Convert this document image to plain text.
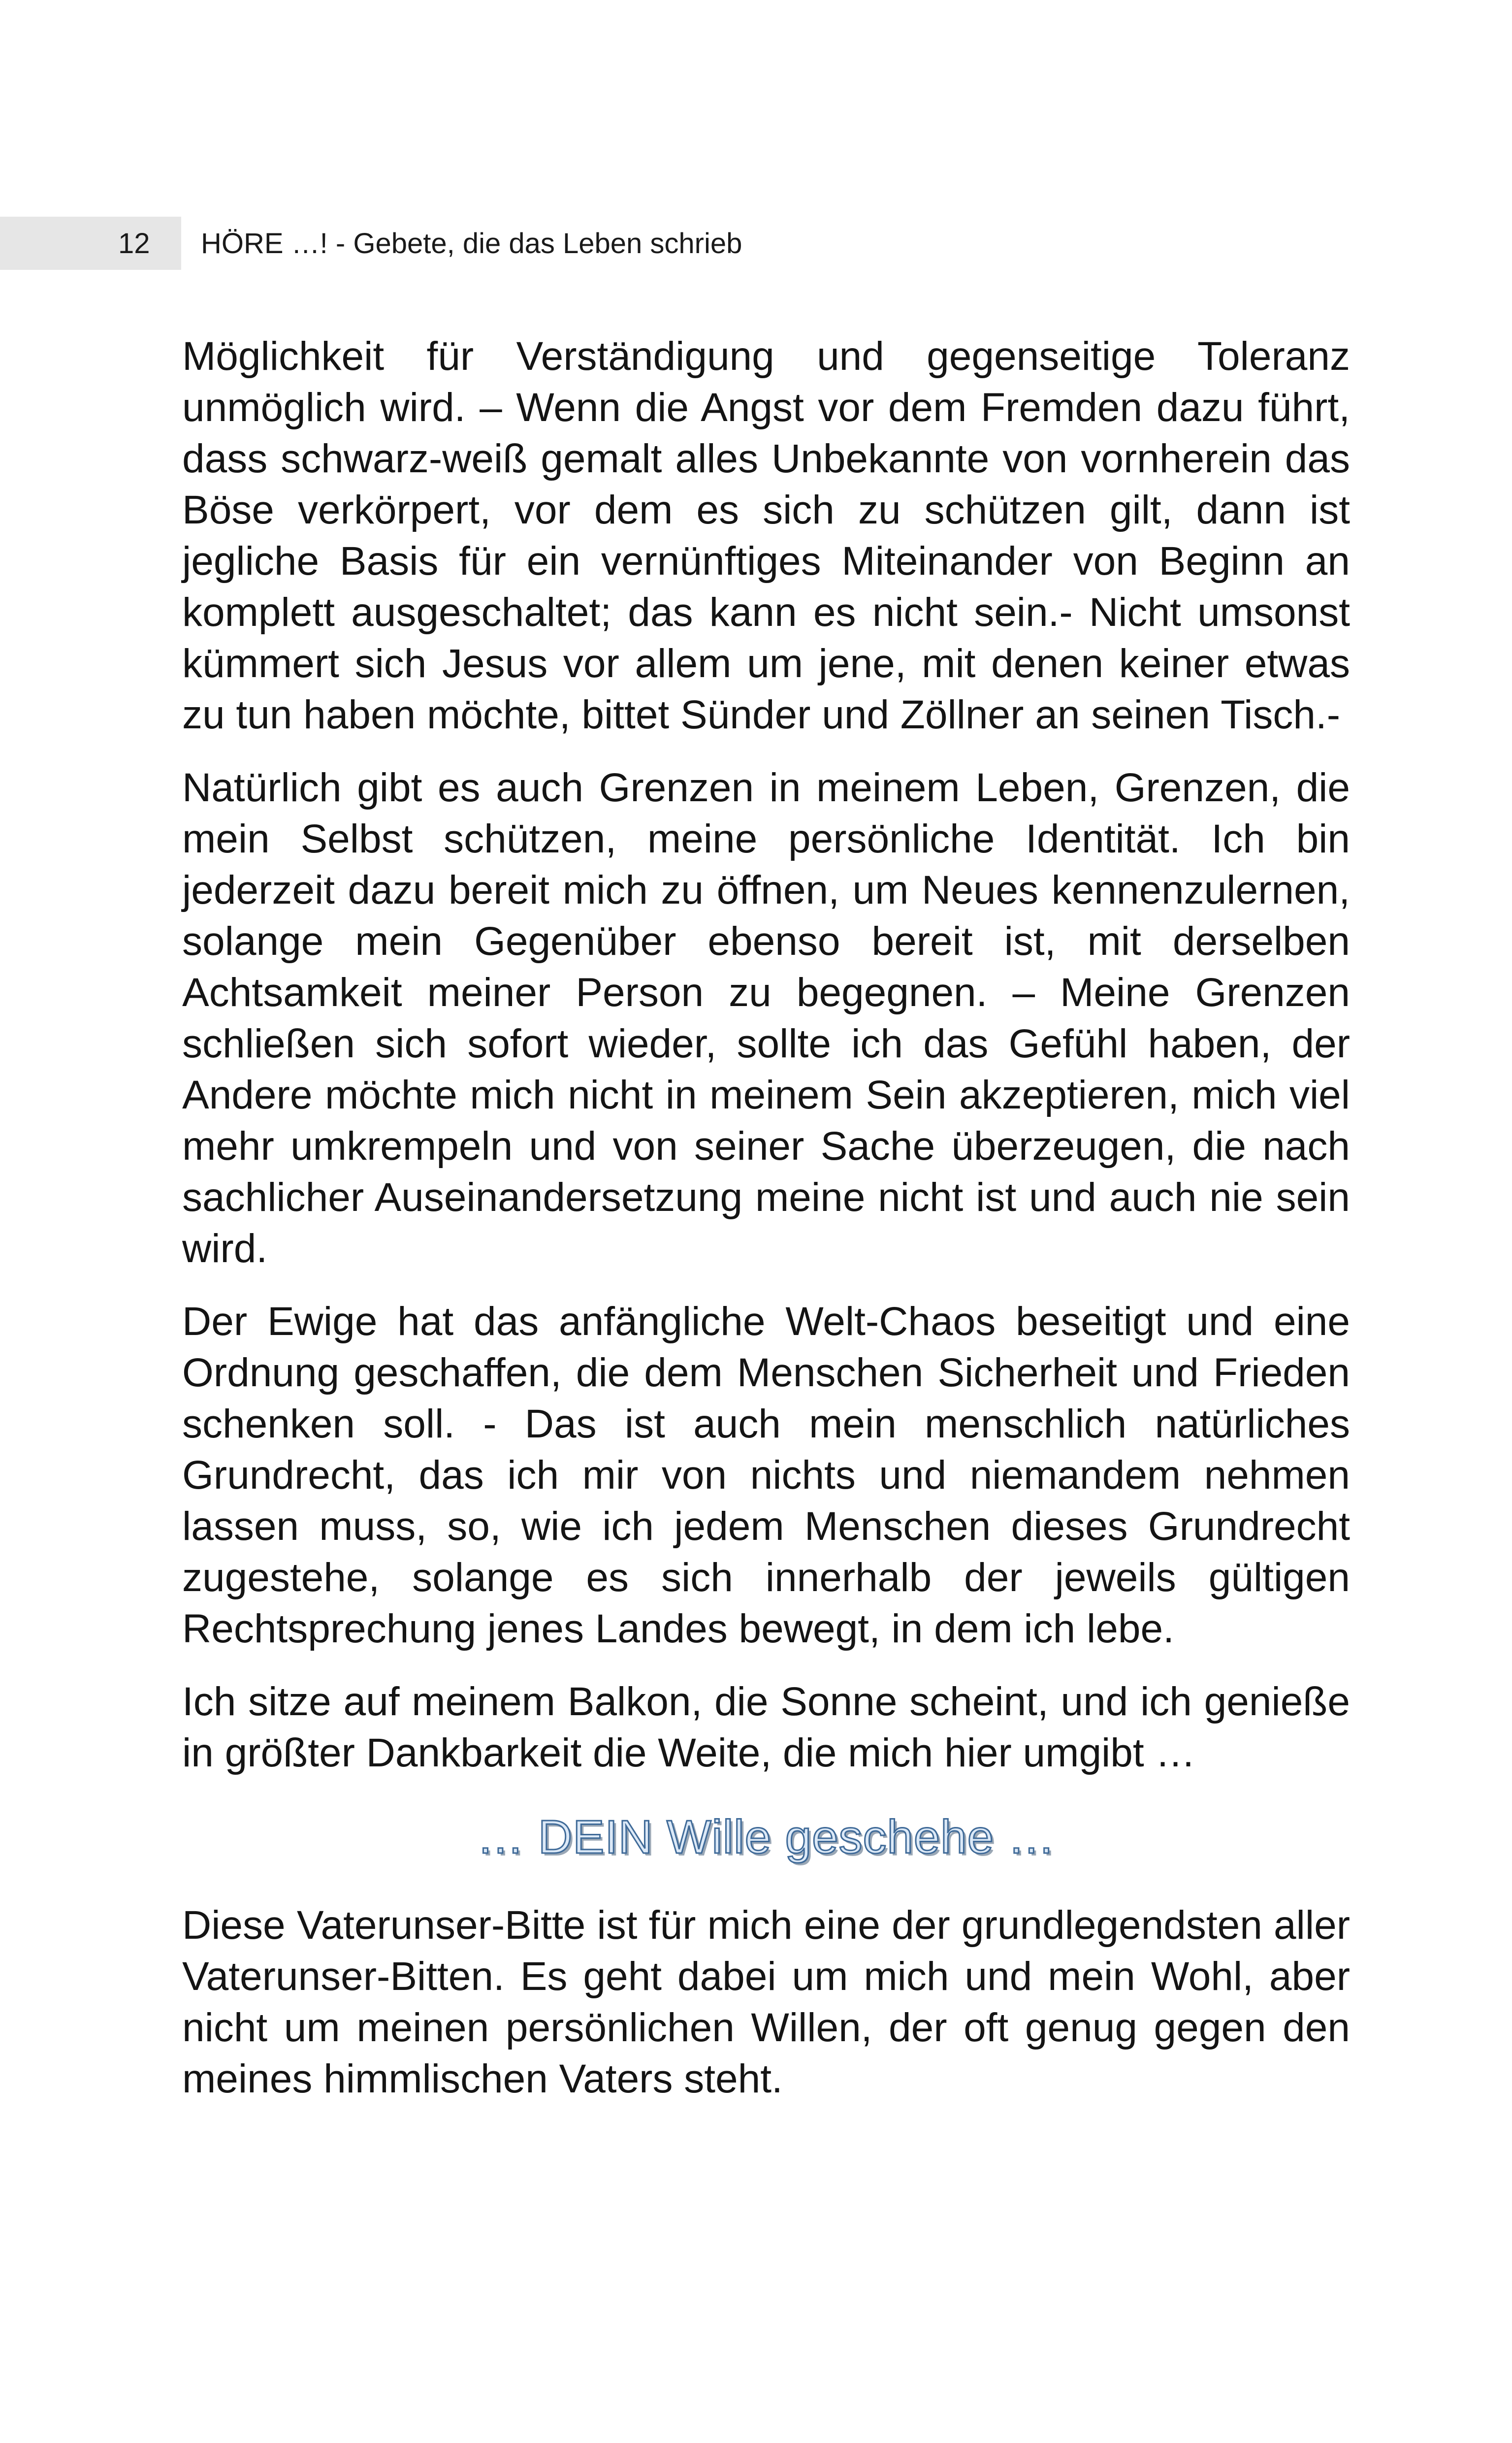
12 HÖRE …! - Gebete, die das Leben schrieb

Möglichkeit für Verständigung und gegenseitige Toleranz unmöglich wird. – Wenn die Angst vor dem Fremden dazu führt, dass schwarz-weiß gemalt alles Unbekannte von vornherein das Böse verkörpert, vor dem es sich zu schützen gilt, dann ist jegliche Basis für ein vernünftiges Miteinander von Beginn an komplett ausgeschaltet; das kann es nicht sein.- Nicht umsonst kümmert sich Jesus vor allem um jene, mit denen keiner etwas zu tun haben möchte, bittet Sünder und Zöllner an seinen Tisch.-

Natürlich gibt es auch Grenzen in meinem Leben, Grenzen, die mein Selbst schützen, meine persönliche Identität. Ich bin jederzeit dazu bereit mich zu öffnen, um Neues kennenzulernen, solange mein Gegenüber ebenso bereit ist, mit derselben Achtsamkeit meiner Person zu begegnen. – Meine Grenzen schließen sich sofort wieder, sollte ich das Gefühl haben, der Andere möchte mich nicht in meinem Sein akzeptieren, mich viel mehr umkrempeln und von seiner Sache überzeugen, die nach sachlicher Auseinandersetzung meine nicht ist und auch nie sein wird.

Der Ewige hat das anfängliche Welt-Chaos beseitigt und eine Ordnung geschaffen, die dem Menschen Sicherheit und Frieden schenken soll. - Das ist auch mein menschlich natürliches Grundrecht, das ich mir von nichts und niemandem nehmen lassen muss, so, wie ich jedem Menschen dieses Grundrecht zugestehe, solange es sich innerhalb der jeweils gültigen Rechtsprechung jenes Landes bewegt, in dem ich lebe.

Ich sitze auf meinem Balkon, die Sonne scheint, und ich genieße in größter Dankbarkeit die Weite, die mich hier umgibt …

… DEIN Wille geschehe …

Diese Vaterunser-Bitte ist für mich eine der grundlegendsten aller Vaterunser-Bitten. Es geht dabei um mich und mein Wohl, aber nicht um meinen persönlichen Willen, der oft genug gegen den meines himmlischen Vaters steht.
